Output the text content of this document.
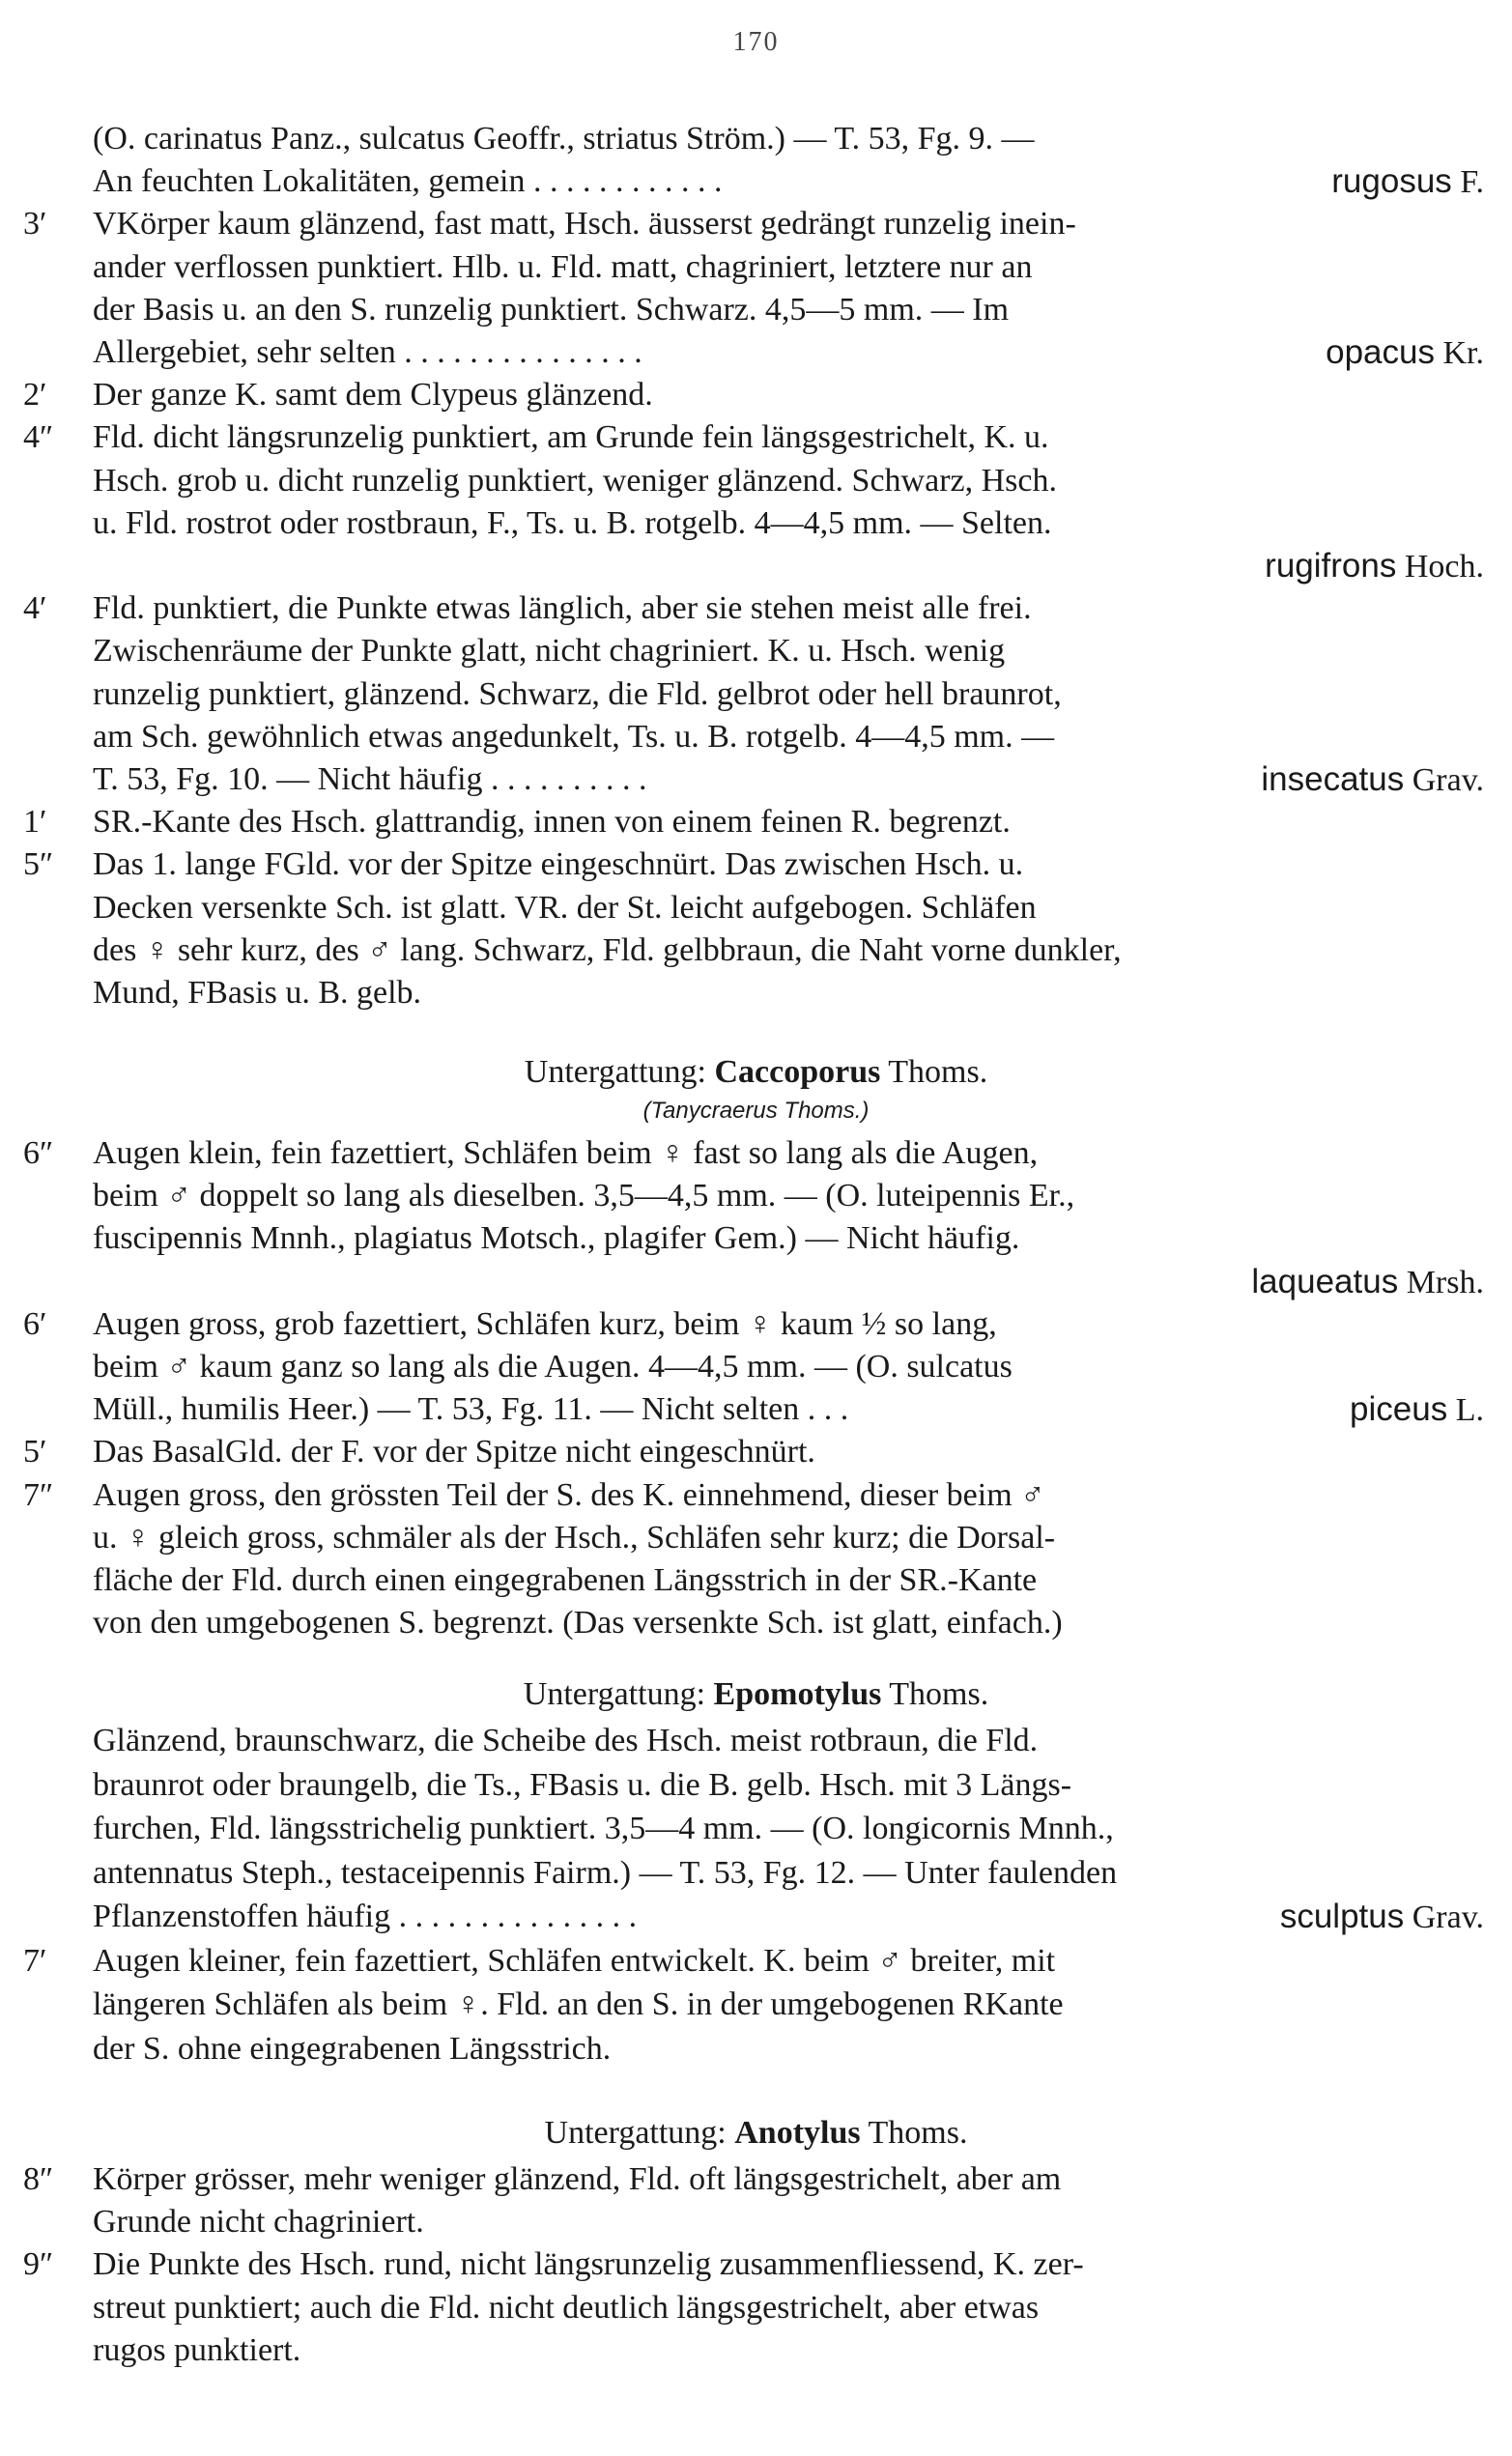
170
(O. carinatus Panz., sulcatus Geoffr., striatus Ström.) — T. 53, Fg. 9. —
An feuchten Lokalitäten, gemein . . . . . . . . . . . .	rugosus F.
3′	VKörper kaum glänzend, fast matt, Hsch. äusserst gedrängt runzelig inein-
ander verflossen punktiert. Hlb. u. Fld. matt, chagriniert, letztere nur an
der Basis u. an den S. runzelig punktiert. Schwarz. 4,5—5 mm. — Im
Allergebiet, sehr selten . . . . . . . . . . . . . . .	opacus Kr.
2′	Der ganze K. samt dem Clypeus glänzend.
4″	Fld. dicht längsrunzelig punktiert, am Grunde fein längsgestrichelt, K. u.
Hsch. grob u. dicht runzelig punktiert, weniger glänzend. Schwarz, Hsch.
u. Fld. rostrot oder rostbraun, F., Ts. u. B. rotgelb. 4—4,5 mm. — Selten.
rugifrons Hoch.
4′	Fld. punktiert, die Punkte etwas länglich, aber sie stehen meist alle frei.
Zwischenräume der Punkte glatt, nicht chagriniert. K. u. Hsch. wenig
runzelig punktiert, glänzend. Schwarz, die Fld. gelbrot oder hell braunrot,
am Sch. gewöhnlich etwas angedunkelt, Ts. u. B. rotgelb. 4—4,5 mm. —
T. 53, Fg. 10. — Nicht häufig . . . . . . . . . .	insecatus Grav.
1′	SR.-Kante des Hsch. glattrandig, innen von einem feinen R. begrenzt.
5″	Das 1. lange FGld. vor der Spitze eingeschnürt. Das zwischen Hsch. u.
Decken versenkte Sch. ist glatt. VR. der St. leicht aufgebogen. Schläfen
des ♀ sehr kurz, des ♂ lang. Schwarz, Fld. gelbbraun, die Naht vorne dunkler,
Mund, FBasis u. B. gelb.
Untergattung: Caccoporus Thoms.
(Tanycraerus Thoms.)
6″	Augen klein, fein fazettiert, Schläfen beim ♀ fast so lang als die Augen,
beim ♂ doppelt so lang als dieselben. 3,5—4,5 mm. — (O. luteipennis Er.,
fuscipennis Mnnh., plagiatus Motsch., plagifer Gem.) — Nicht häufig.
laqueatus Mrsh.
6′	Augen gross, grob fazettiert, Schläfen kurz, beim ♀ kaum ½ so lang,
beim ♂ kaum ganz so lang als die Augen. 4—4,5 mm. — (O. sulcatus
Müll., humilis Heer.) — T. 53, Fg. 11. — Nicht selten . . .	piceus L.
5′	Das BasalGld. der F. vor der Spitze nicht eingeschnürt.
7″	Augen gross, den grössten Teil der S. des K. einnehmend, dieser beim ♂
u. ♀ gleich gross, schmäler als der Hsch., Schläfen sehr kurz; die Dorsal-
fläche der Fld. durch einen eingegrabenen Längsstrich in der SR.-Kante
von den umgebogenen S. begrenzt. (Das versenkte Sch. ist glatt, einfach.)
Untergattung: Epomotylus Thoms.
Glänzend, braunschwarz, die Scheibe des Hsch. meist rotbraun, die Fld.
braunrot oder braungelb, die Ts., FBasis u. die B. gelb. Hsch. mit 3 Längs-
furchen, Fld. längsstrichelig punktiert. 3,5—4 mm. — (O. longicornis Mnnh.,
antennatus Steph., testaceipennis Fairm.) — T. 53, Fg. 12. — Unter faulenden
Pflanzenstoffen häufig . . . . . . . . . . . . . . .	sculptus Grav.
7′	Augen kleiner, fein fazettiert, Schläfen entwickelt. K. beim ♂ breiter, mit
längeren Schläfen als beim ♀. Fld. an den S. in der umgebogenen RKante
der S. ohne eingegrabenen Längsstrich.
Untergattung: Anotylus Thoms.
8″	Körper grösser, mehr weniger glänzend, Fld. oft längsgestrichelt, aber am
Grunde nicht chagriniert.
9″	Die Punkte des Hsch. rund, nicht längsrunzelig zusammenfliessend, K. zer-
streut punktiert; auch die Fld. nicht deutlich längsgestrichelt, aber etwas
rugos punktiert.
